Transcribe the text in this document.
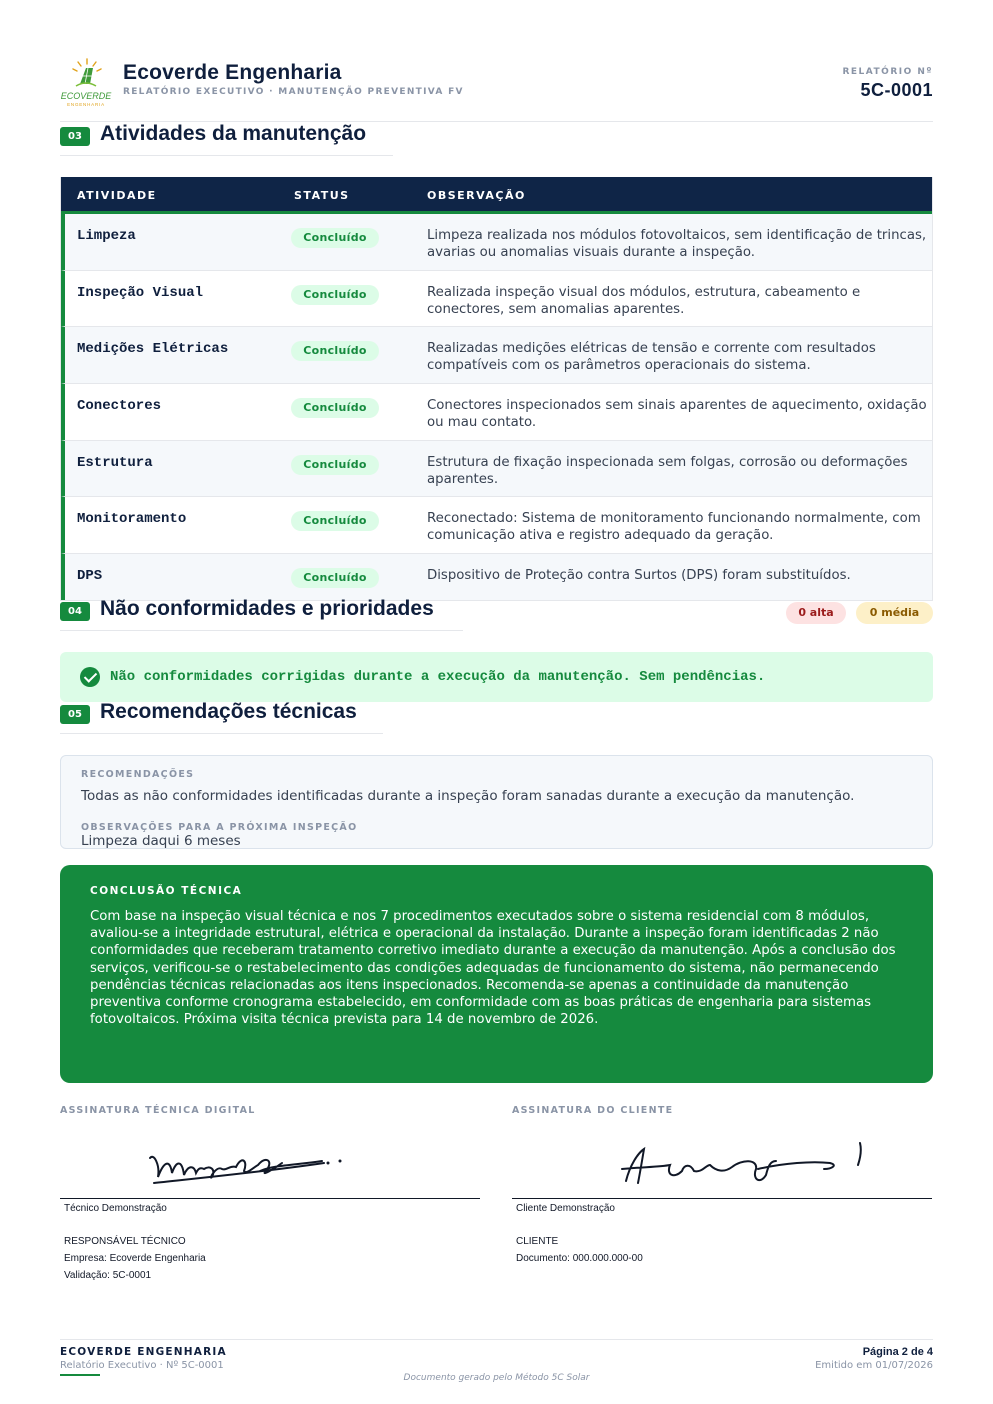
ECOVERDE
ENGENHARIA
Ecoverde Engenharia
RELATÓRIO EXECUTIVO · MANUTENÇÃO PREVENTIVA FV
RELATÓRIO Nº
5C-0001
03 Atividades da manutenção
ATIVIDADE	STATUS	OBSERVAÇÃO
Limpeza	Concluído	Limpeza realizada nos módulos fotovoltaicos, sem identificação de trincas, avarias ou anomalias visuais durante a inspeção.
Inspeção Visual	Concluído	Realizada inspeção visual dos módulos, estrutura, cabeamento e conectores, sem anomalias aparentes.
Medições Elétricas	Concluído	Realizadas medições elétricas de tensão e corrente com resultados compatíveis com os parâmetros operacionais do sistema.
Conectores	Concluído	Conectores inspecionados sem sinais aparentes de aquecimento, oxidação ou mau contato.
Estrutura	Concluído	Estrutura de fixação inspecionada sem folgas, corrosão ou deformações aparentes.
Monitoramento	Concluído	Reconectado: Sistema de monitoramento funcionando normalmente, com comunicação ativa e registro adequado da geração.
DPS	Concluído	Dispositivo de Proteção contra Surtos (DPS) foram substituídos.
04 Não conformidades e prioridades	0 alta	0 média
Não conformidades corrigidas durante a execução da manutenção. Sem pendências.
05 Recomendações técnicas
RECOMENDAÇÕES
Todas as não conformidades identificadas durante a inspeção foram sanadas durante a execução da manutenção.
OBSERVAÇÕES PARA A PRÓXIMA INSPEÇÃO
Limpeza daqui 6 meses
CONCLUSÃO TÉCNICA
Com base na inspeção visual técnica e nos 7 procedimentos executados sobre o sistema residencial com 8 módulos, avaliou-se a integridade estrutural, elétrica e operacional da instalação. Durante a inspeção foram identificadas 2 não conformidades que receberam tratamento corretivo imediato durante a execução da manutenção. Após a conclusão dos serviços, verificou-se o restabelecimento das condições adequadas de funcionamento do sistema, não permanecendo pendências técnicas relacionadas aos itens inspecionados. Recomenda-se apenas a continuidade da manutenção preventiva conforme cronograma estabelecido, em conformidade com as boas práticas de engenharia para sistemas fotovoltaicos. Próxima visita técnica prevista para 14 de novembro de 2026.
ASSINATURA TÉCNICA DIGITAL
Técnico Demonstração
RESPONSÁVEL TÉCNICO
Empresa: Ecoverde Engenharia
Validação: 5C-0001
ASSINATURA DO CLIENTE
Cliente Demonstração
CLIENTE
Documento: 000.000.000-00
ECOVERDE ENGENHARIA
Relatório Executivo · Nº 5C-0001
Página 2 de 4
Emitido em 01/07/2026
Documento gerado pelo Método 5C Solar
